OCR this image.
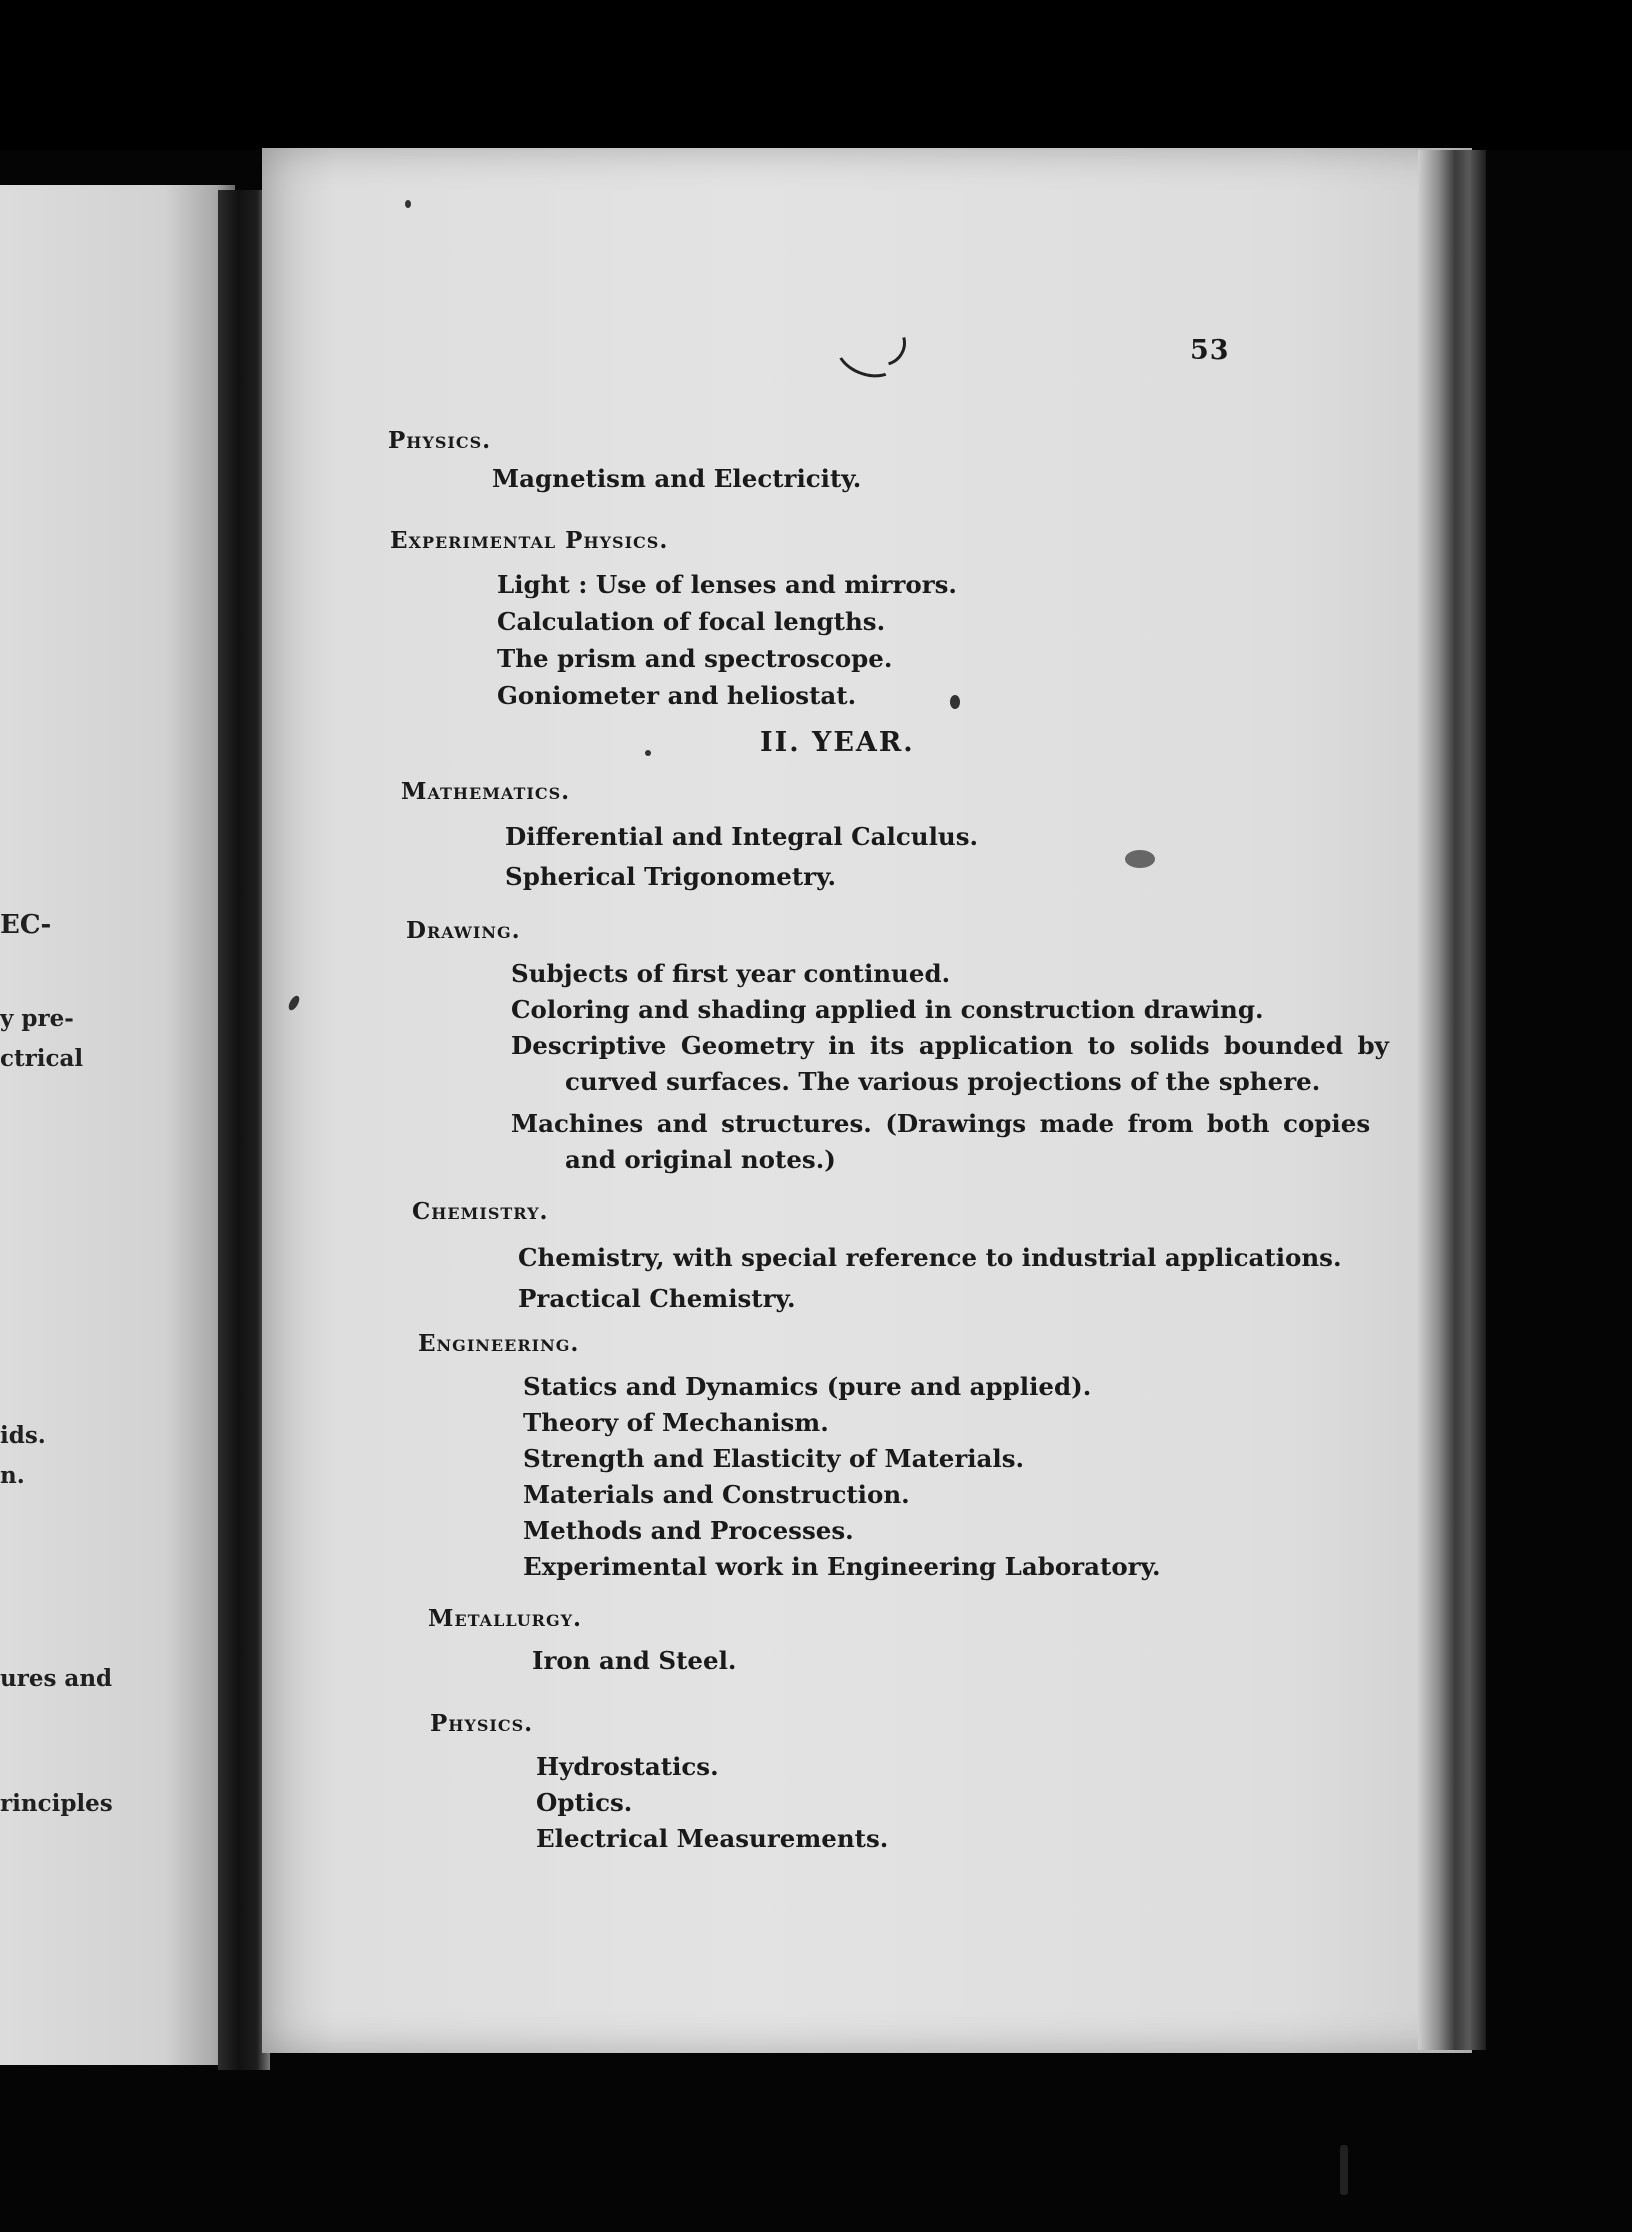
EC-
y pre-
ctrical
ids.
n.
ures and
rinciples
53

Physics.

Magnetism and Electricity.

Experimental Physics.

Light : Use of lenses and mirrors.
Calculation of focal lengths.
The prism and spectroscope.
Goniometer and heliostat.
II. YEAR.

Mathematics.

Differential and Integral Calculus.
Spherical Trigonometry.

Drawing.

Subjects of first year continued.
Coloring and shading applied in construction drawing.
Descriptive Geometry in its application to solids bounded by
curved surfaces. The various projections of the sphere.
Machines and structures. (Drawings made from both copies
and original notes.)

Chemistry.

Chemistry, with special reference to industrial applications.
Practical Chemistry.

Engineering.

Statics and Dynamics (pure and applied).
Theory of Mechanism.
Strength and Elasticity of Materials.
Materials and Construction.
Methods and Processes.
Experimental work in Engineering Laboratory.

Metallurgy.

Iron and Steel.

Physics.

Hydrostatics.
Optics.
Electrical Measurements.
